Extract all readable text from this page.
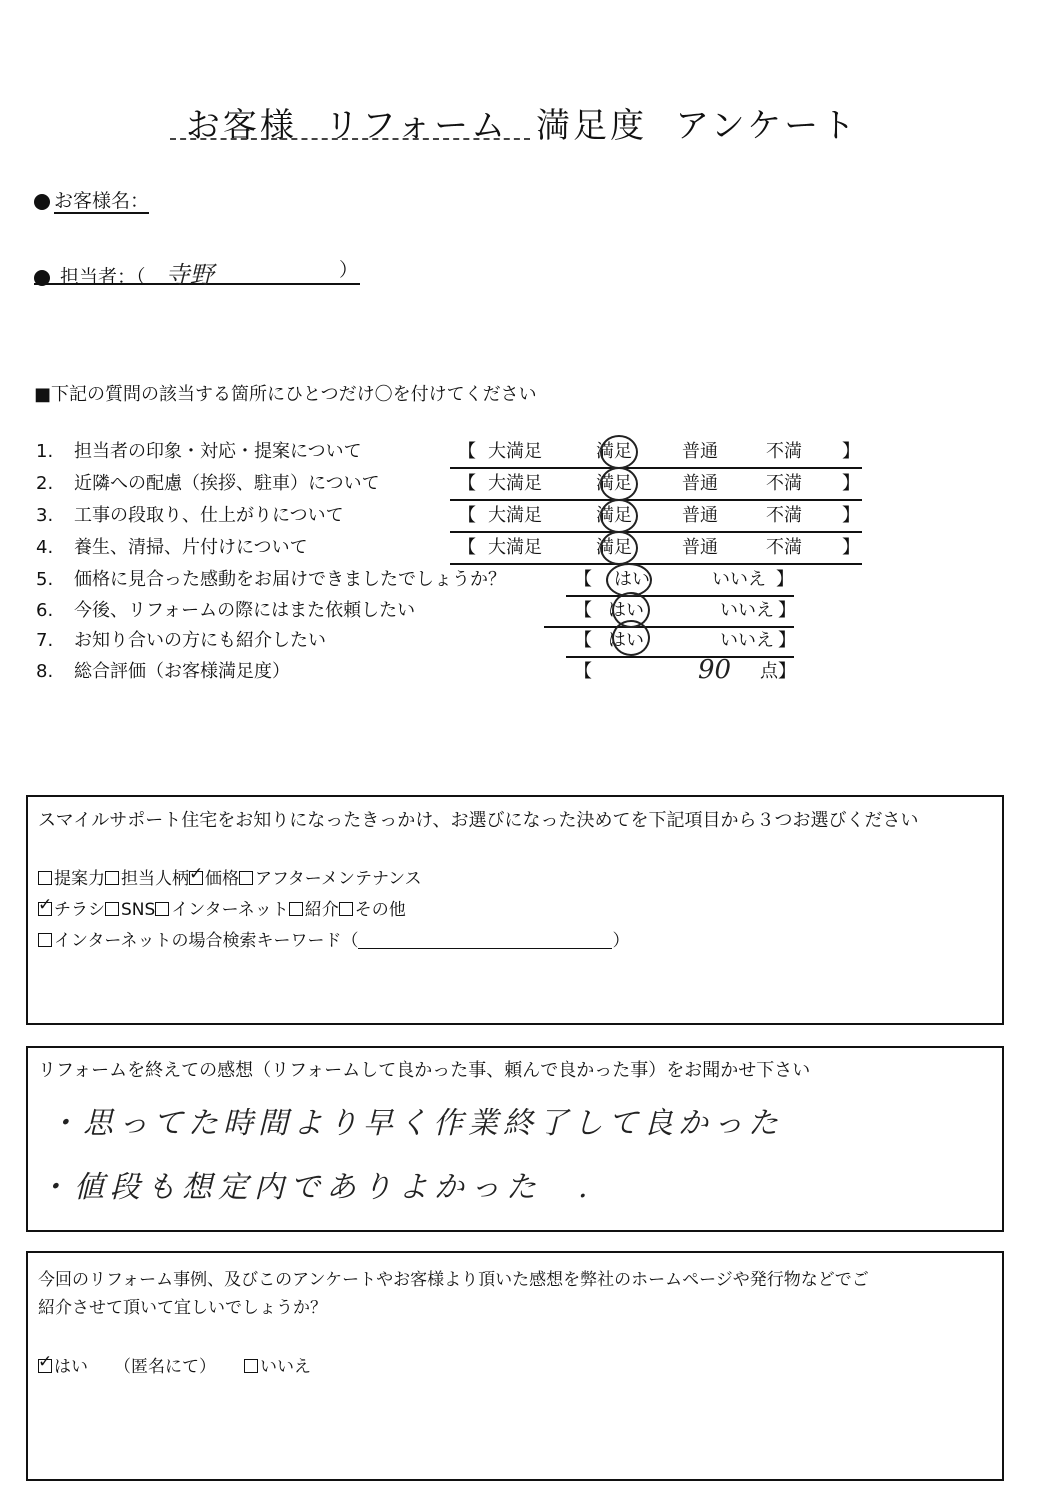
お客様 リフォーム 満足度 アンケート
お客様名：
担当者：（ 寺野	）
■下記の質問の該当する箇所にひとつだけ〇を付けてください
1. 担当者の印象・対応・提案について
2. 近隣への配慮（挨拶、駐車）について
3. 工事の段取り、仕上がりについて
4. 養生、清掃、片付けについて
【 大満足	満足	普通	不満 】
【 大満足	満足	普通	不満 】
【 大満足	満足	普通	不満 】
【 大満足	満足	普通	不満 】
5. 価格に見合った感動をお届けできましたでしょうか？
6. 今後、リフォームの際にはまた依頼したい
7. お知り合いの方にも紹介したい
8. 総合評価（お客様満足度）
【 はい	いいえ 】
【 はい	いいえ 】
【 はい	いいえ 】
【	90 点】
スマイルサポート住宅をお知りになったきっかけ、お選びになった決めてを下記項目から３つお選びください
提案力 担当人柄✓ 価格 アフターメンテナンス
✓チラシ SNS インターネット 紹介 その他
インターネットの場合検索キーワード（	）
リフォームを終えての感想（リフォームして良かった事、頼んで良かった事）をお聞かせ下さい
・思ってた時間より早く作業終了して良かった
・値段も想定内でありよかった　.
今回のリフォーム事例、及びこのアンケートやお客様より頂いた感想を弊社のホームページや発行物などでご
紹介させて頂いて宜しいでしょうか？
✓はい （匿名にて）	いいえ
